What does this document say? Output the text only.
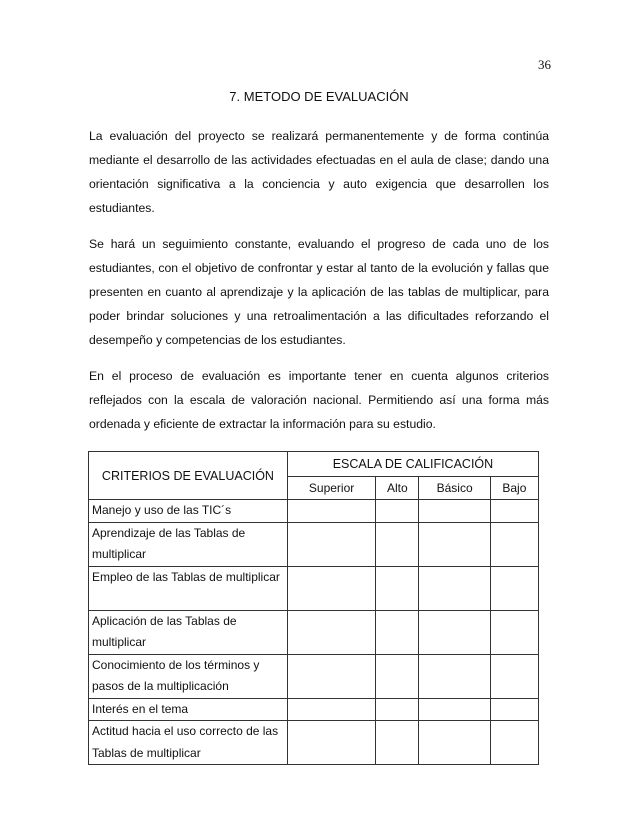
36
7. METODO DE EVALUACIÓN

La evaluación del proyecto se realizará permanentemente y de forma continúa mediante el desarrollo de las actividades efectuadas en el aula de clase; dando una orientación significativa a la conciencia y auto exigencia que desarrollen los estudiantes.

Se hará un seguimiento constante, evaluando el progreso de cada uno de los estudiantes, con el objetivo de confrontar y estar al tanto de la evolución y fallas que presenten en cuanto al aprendizaje y la aplicación de las tablas de multiplicar, para poder brindar soluciones y una retroalimentación a las dificultades reforzando el desempeño y competencias de los estudiantes.

En el proceso de evaluación es importante tener en cuenta algunos criterios reflejados con la escala de valoración nacional. Permitiendo así una forma más ordenada y eficiente de extractar la información para su estudio.

CRITERIOS DE EVALUACIÓN	ESCALA DE CALIFICACIÓN			
	Superior	Alto	Básico	Bajo
Manejo y uso de las TIC´s				
Aprendizaje de las Tablas de multiplicar				
Empleo de las Tablas de multiplicar				
Aplicación de las Tablas de multiplicar				
Conocimiento de los términos y pasos de la multiplicación				
Interés en el tema				
Actitud hacia el uso correcto de las Tablas de multiplicar				
